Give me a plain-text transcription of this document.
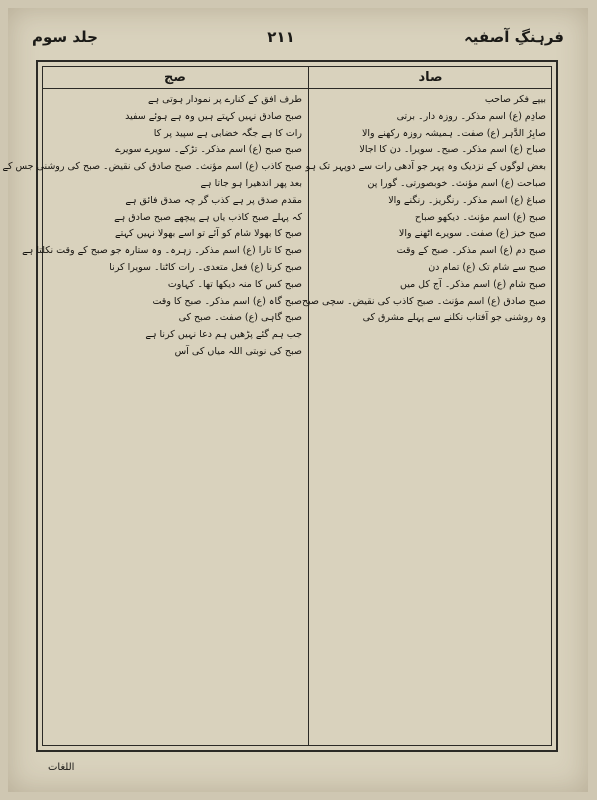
فرہنگِ آصفیہ
۲۱۱
جلد سوم
صج	صاد
طرف افق کے کنارے پر نمودار ہوتی ہے
صبح صادق نہیں کہتے ہیں وہ ہے ہوئے سفید
رات کا ہے جگہ خضابی ہے سپید پر کا
صبح صبح (ع) اسم مذکر۔ تڑکے۔ سویرے سویرے
صبح کاذب (ع) اسم مؤنث۔ صبح صادق کی نقیض۔ صبح کی روشنی جس کے
بعد پھر اندھیرا ہو جاتا ہے
مقدم صدق پر ہے کذب گر چہ صدق فائق ہے
کہ پہلے صبح کاذب یاں ہے پیچھے صبح صادق ہے
صبح کا بھولا شام کو آئے تو اسے بھولا نہیں کہتے
صبح کا تارا (ع) اسم مذکر۔ زہرہ۔ وہ ستارہ جو صبح کے وقت نکلتا ہے
صبح کرنا (ع) فعل متعدی۔ رات کاٹنا۔ سویرا کرنا
صبح کس کا منہ دیکھا تھا۔ کہاوت
صبح گاہ (ع) اسم مذکر۔ صبح کا وقت
صبح گاہی (ع) صفت۔ صبح کی
جب ہم گئے پڑھیں ہم دعا نہیں کرنا ہے
صبح کی نوبتی اللہ میاں کی آس
بیپے فکر صاحب
صادِم (ع) اسم مذکر۔ روزہ دار۔ برتی
صابِرُ الدَّہر (ع) صفت۔ ہمیشہ روزہ رکھنے والا
صباح (ع) اسم مذکر۔ صبح۔ سویرا۔ دن کا اجالا
بعض لوگوں کے نزدیک وہ پہر جو آدھی رات سے دوپہر تک ہو
صباحت (ع) اسم مؤنث۔ خوبصورتی۔ گورا پن
صباغ (ع) اسم مذکر۔ رنگریز۔ رنگنے والا
صبح (ع) اسم مؤنث۔ دیکھو صباح
صبح خیز (ع) صفت۔ سویرے اٹھنے والا
صبح دم (ع) اسم مذکر۔ صبح کے وقت
صبح سے شام تک (ع) تمام دن
صبح شام (ع) اسم مذکر۔ آج کل میں
صبح صادق (ع) اسم مؤنث۔ صبح کاذب کی نقیض۔ سچی صبح
وہ روشنی جو آفتاب نکلنے سے پہلے مشرق کی
اللغات
